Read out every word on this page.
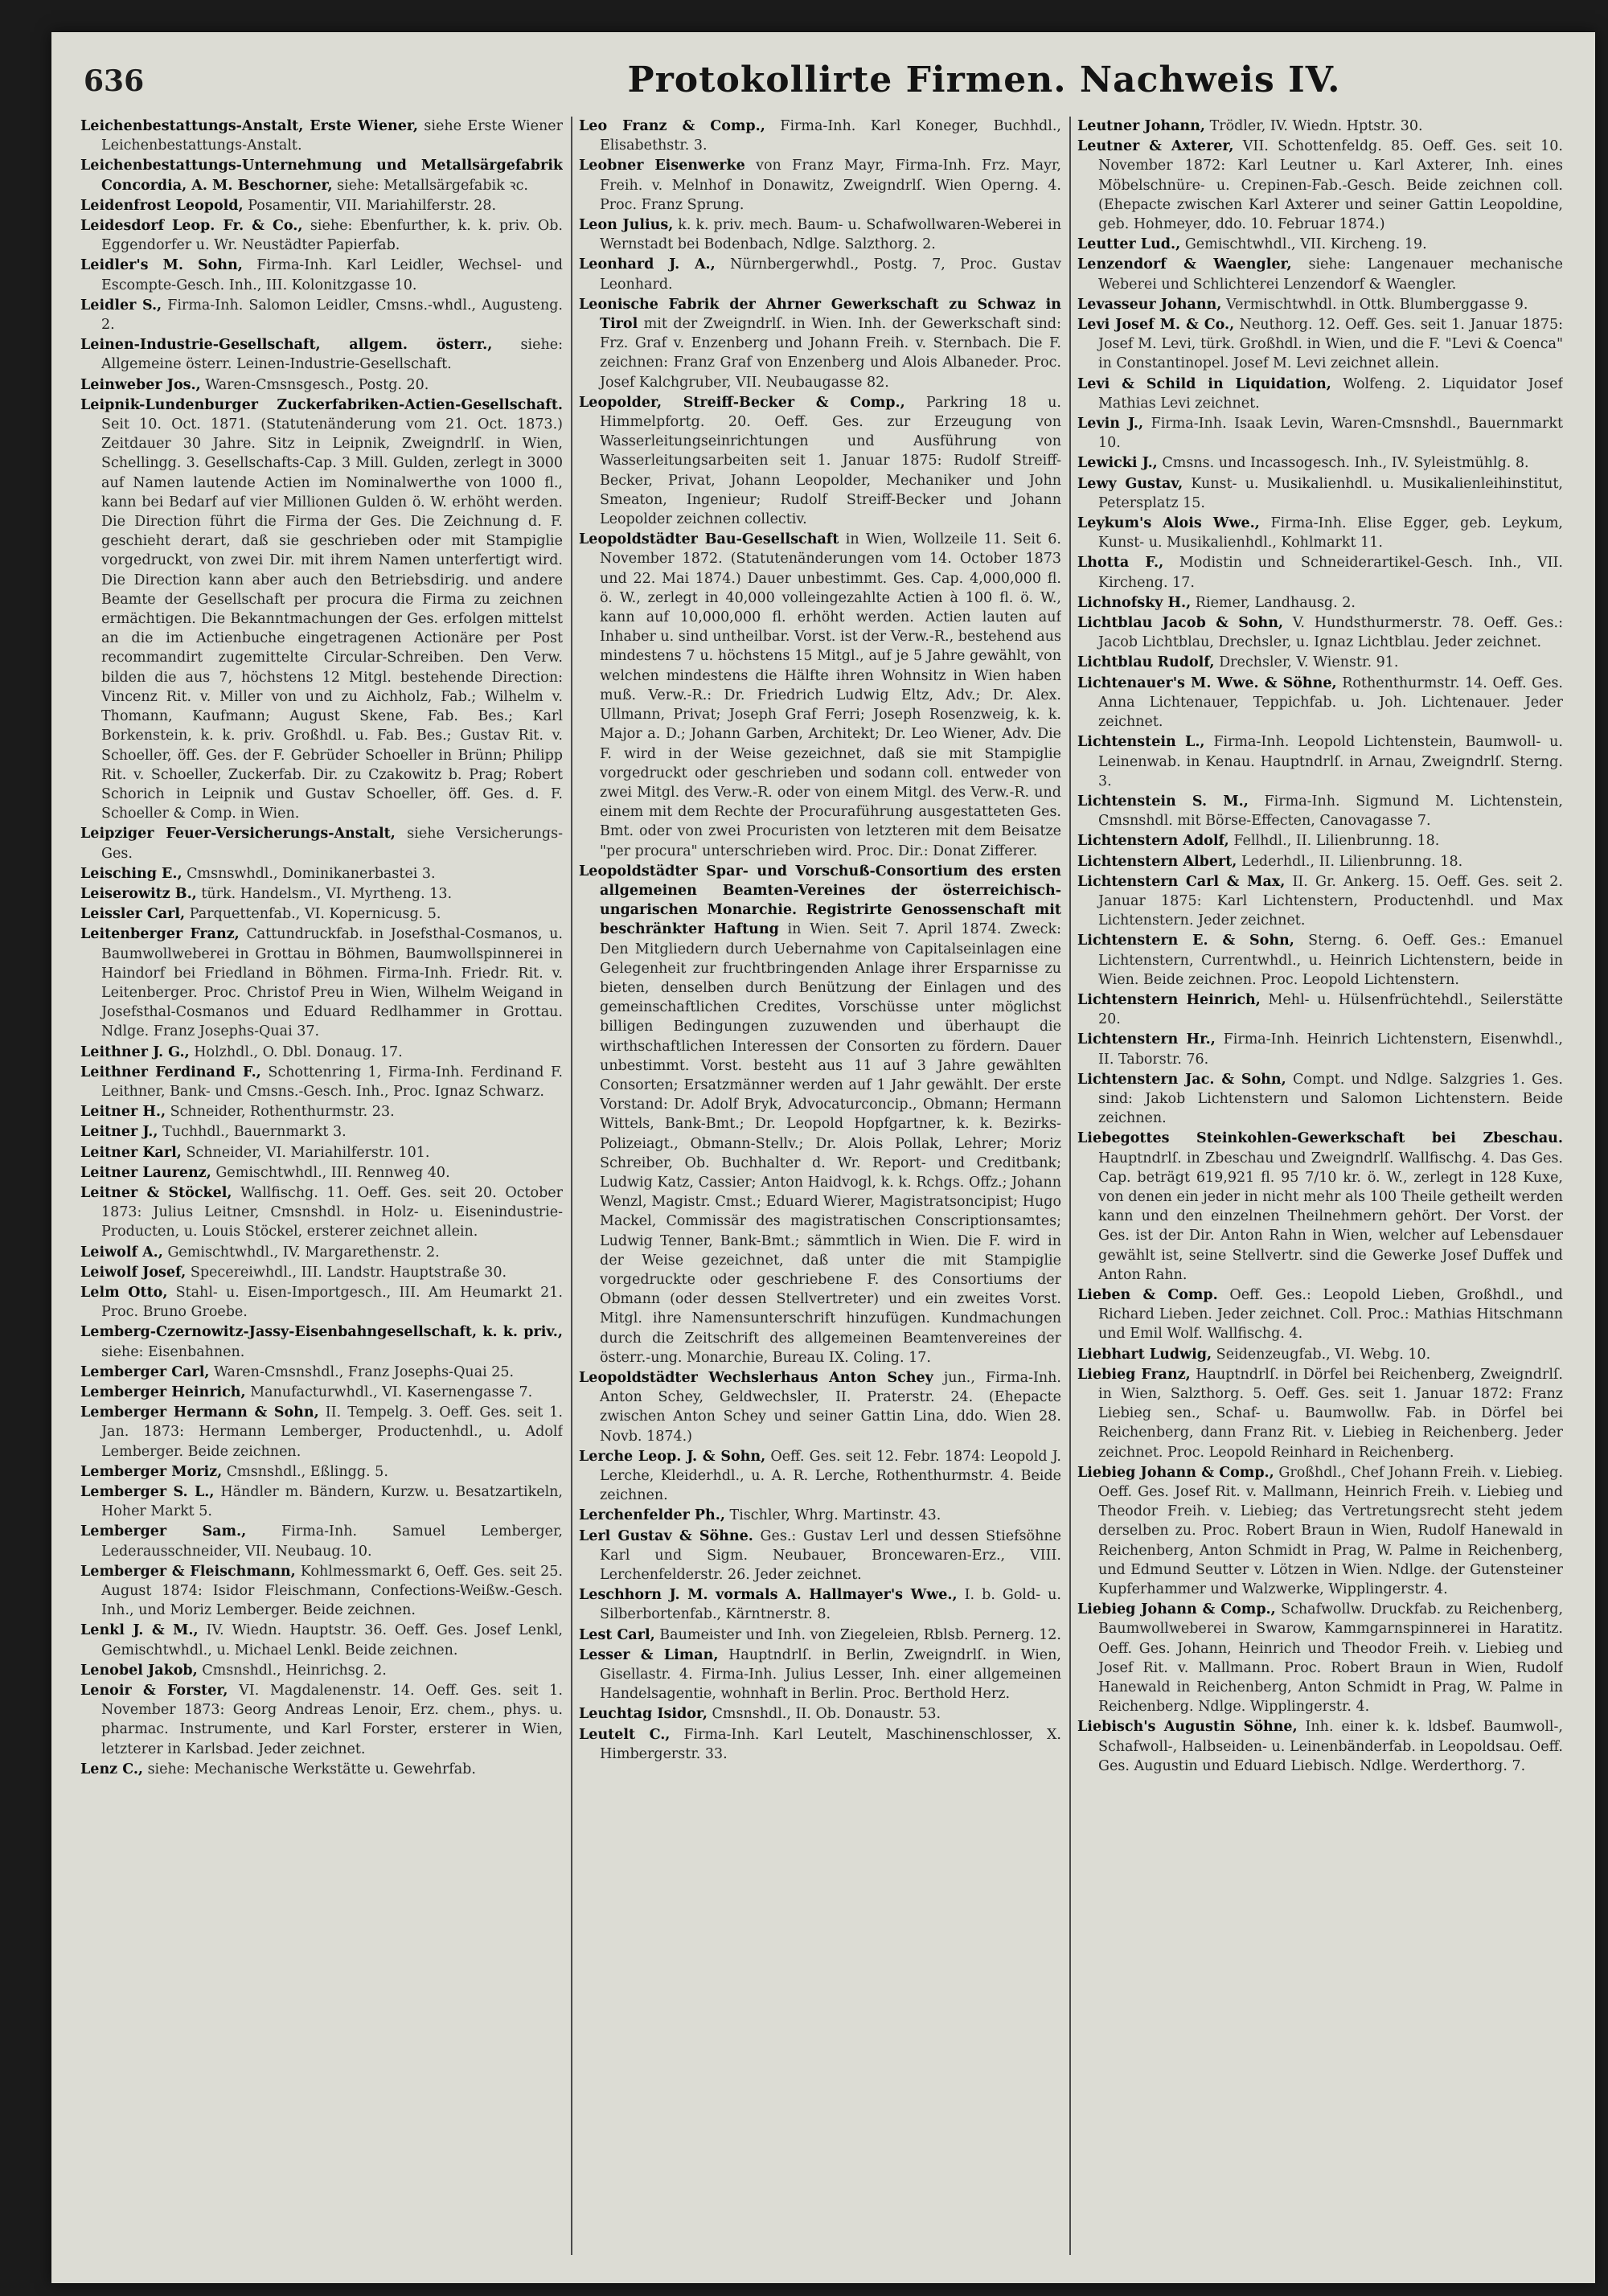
636	Protokollirte Firmen. Nachweis IV.

Leichenbestattungs-Anstalt, Erste Wiener, siehe Erste Wiener Leichenbestattungs-Anstalt.

Leichenbestattungs-Unternehmung und Metallsärgefabrik Concordia, A. M. Beschorner, siehe: Metallsärgefabik ꝛc.

Leidenfrost Leopold, Posamentir, VII. Mariahilferstr. 28.

Leidesdorf Leop. Fr. & Co., siehe: Ebenfurther, k. k. priv. Ob. Eggendorfer u. Wr. Neustädter Papierfab.

Leidler's M. Sohn, Firma-Inh. Karl Leidler, Wechsel- und Escompte-Gesch. Inh., III. Kolonitzgasse 10.

Leidler S., Firma-Inh. Salomon Leidler, Cmsns.-whdl., Augusteng. 2.

Leinen-Industrie-Gesellschaft, allgem. österr., siehe: Allgemeine österr. Leinen-Industrie-Gesellschaft.

Leinweber Jos., Waren-Cmsnsgesch., Postg. 20.

Leipnik-Lundenburger Zuckerfabriken-Actien-Gesellschaft. Seit 10. Oct. 1871. (Statutenänderung vom 21. Oct. 1873.) Zeitdauer 30 Jahre. Sitz in Leipnik, Zweigndrlſ. in Wien, Schellingg. 3. Gesellschafts-Cap. 3 Mill. Gulden, zerlegt in 3000 auf Namen lautende Actien im Nominalwerthe von 1000 fl., kann bei Bedarf auf vier Millionen Gulden ö. W. erhöht werden. Die Direction führt die Firma der Ges. Die Zeichnung d. F. geschieht derart, daß sie geschrieben oder mit Stampiglie vorgedruckt, von zwei Dir. mit ihrem Namen unterfertigt wird. Die Direction kann aber auch den Betriebsdirig. und andere Beamte der Gesellschaft per procura die Firma zu zeichnen ermächtigen. Die Bekanntmachungen der Ges. erfolgen mittelst an die im Actienbuche eingetragenen Actionäre per Post recommandirt zugemittelte Circular-Schreiben. Den Verw. bilden die aus 7, höchstens 12 Mitgl. bestehende Direction: Vincenz Rit. v. Miller von und zu Aichholz, Fab.; Wilhelm v. Thomann, Kaufmann; August Skene, Fab. Bes.; Karl Borkenstein, k. k. priv. Großhdl. u. Fab. Bes.; Gustav Rit. v. Schoeller, öff. Ges. der F. Gebrüder Schoeller in Brünn; Philipp Rit. v. Schoeller, Zuckerfab. Dir. zu Czakowitz b. Prag; Robert Schorich in Leipnik und Gustav Schoeller, öff. Ges. d. F. Schoeller & Comp. in Wien.

Leipziger Feuer-Versicherungs-Anstalt, siehe Versicherungs-Ges.

Leisching E., Cmsnswhdl., Dominikanerbastei 3.

Leiserowitz B., türk. Handelsm., VI. Myrtheng. 13.

Leissler Carl, Parquettenfab., VI. Kopernicusg. 5.

Leitenberger Franz, Cattundruckfab. in Josefsthal-Cosmanos, u. Baumwollweberei in Grottau in Böhmen, Baumwollspinnerei in Haindorf bei Friedland in Böhmen. Firma-Inh. Friedr. Rit. v. Leitenberger. Proc. Christof Preu in Wien, Wilhelm Weigand in Josefsthal-Cosmanos und Eduard Redlhammer in Grottau. Ndlge. Franz Josephs-Quai 37.

Leithner J. G., Holzhdl., O. Dbl. Donaug. 17.

Leithner Ferdinand F., Schottenring 1, Firma-Inh. Ferdinand F. Leithner, Bank- und Cmsns.-Gesch. Inh., Proc. Ignaz Schwarz.

Leitner H., Schneider, Rothenthurmstr. 23.

Leitner J., Tuchhdl., Bauernmarkt 3.

Leitner Karl, Schneider, VI. Mariahilferstr. 101.

Leitner Laurenz, Gemischtwhdl., III. Rennweg 40.

Leitner & Stöckel, Wallfischg. 11. Oeff. Ges. seit 20. October 1873: Julius Leitner, Cmsnshdl. in Holz- u. Eisenindustrie-Producten, u. Louis Stöckel, ersterer zeichnet allein.

Leiwolf A., Gemischtwhdl., IV. Margarethenstr. 2.

Leiwolf Josef, Specereiwhdl., III. Landstr. Hauptstraße 30.

Lelm Otto, Stahl- u. Eisen-Importgesch., III. Am Heumarkt 21. Proc. Bruno Groebe.

Lemberg-Czernowitz-Jassy-Eisenbahngesellschaft, k. k. priv., siehe: Eisenbahnen.

Lemberger Carl, Waren-Cmsnshdl., Franz Josephs-Quai 25.

Lemberger Heinrich, Manufacturwhdl., VI. Kasernengasse 7.

Lemberger Hermann & Sohn, II. Tempelg. 3. Oeff. Ges. seit 1. Jan. 1873: Hermann Lemberger, Productenhdl., u. Adolf Lemberger. Beide zeichnen.

Lemberger Moriz, Cmsnshdl., Eßlingg. 5.

Lemberger S. L., Händler m. Bändern, Kurzw. u. Besatzartikeln, Hoher Markt 5.

Lemberger Sam.,	Firma-Inh. Samuel Lemberger, Lederausschneider, VII. Neubaug. 10.

Lemberger & Fleischmann, Kohlmessmarkt 6, Oeff. Ges. seit 25. August 1874: Isidor Fleischmann, Confections-Weißw.-Gesch. Inh., und Moriz Lemberger. Beide zeichnen.

Lenkl J. & M., IV. Wiedn. Hauptstr. 36. Oeff. Ges. Josef Lenkl, Gemischtwhdl., u. Michael Lenkl. Beide zeichnen.

Lenobel Jakob, Cmsnshdl., Heinrichsg. 2.

Lenoir & Forster, VI. Magdalenenstr. 14. Oeff. Ges. seit 1. November 1873: Georg Andreas Lenoir, Erz. chem., phys. u. pharmac. Instrumente, und Karl Forster, ersterer in Wien, letzterer in Karlsbad. Jeder zeichnet.

Lenz C., siehe: Mechanische Werkstätte u. Gewehrfab.

Leo Franz & Comp., Firma-Inh. Karl Koneger, Buchhdl., Elisabethstr. 3.

Leobner Eisenwerke von Franz Mayr, Firma-Inh. Frz. Mayr, Freih. v. Melnhof in Donawitz, Zweigndrlſ. Wien Operng. 4. Proc. Franz Sprung.

Leon Julius, k. k. priv. mech. Baum- u. Schafwollwaren-Weberei in Wernstadt bei Bodenbach, Ndlge. Salzthorg. 2.

Leonhard J. A., Nürnbergerwhdl., Postg. 7, Proc. Gustav Leonhard.

Leonische Fabrik der Ahrner Gewerkschaft zu Schwaz in Tirol mit der Zweigndrlſ. in Wien. Inh. der Gewerkschaft sind: Frz. Graf v. Enzenberg und Johann Freih. v. Sternbach. Die F. zeichnen: Franz Graf von Enzenberg und Alois Albaneder. Proc. Josef Kalchgruber, VII. Neubaugasse 82.

Leopolder, Streiff-Becker & Comp., Parkring 18 u. Himmelpfortg. 20. Oeff. Ges. zur Erzeugung von Wasserleitungseinrichtungen und Ausführung von Wasserleitungsarbeiten seit 1. Januar 1875: Rudolf Streiff-Becker, Privat, Johann Leopolder, Mechaniker und John Smeaton, Ingenieur; Rudolf Streiff-Becker und Johann Leopolder zeichnen collectiv.

Leopoldstädter Bau-Gesellschaft in Wien, Wollzeile 11. Seit 6. November 1872. (Statutenänderungen vom 14. October 1873 und 22. Mai 1874.) Dauer unbestimmt. Ges. Cap. 4,000,000 fl. ö. W., zerlegt in 40,000 volleingezahlte Actien à 100 fl. ö. W., kann auf 10,000,000 fl. erhöht werden. Actien lauten auf Inhaber u. sind untheilbar. Vorst. ist der Verw.-R., bestehend aus mindestens 7 u. höchstens 15 Mitgl., auf je 5 Jahre gewählt, von welchen mindestens die Hälfte ihren Wohnsitz in Wien haben muß. Verw.-R.: Dr. Friedrich Ludwig Eltz, Adv.; Dr. Alex. Ullmann, Privat; Joseph Graf Ferri; Joseph Rosenzweig, k. k. Major a. D.; Johann Garben, Architekt; Dr. Leo Wiener, Adv. Die F. wird in der Weise gezeichnet, daß sie mit Stampiglie vorgedruckt oder geschrieben und sodann coll. entweder von zwei Mitgl. des Verw.-R. oder von einem Mitgl. des Verw.-R. und einem mit dem Rechte der Procuraführung ausgestatteten Ges. Bmt. oder von zwei Procuristen von letzteren mit dem Beisatze "per procura" unterschrieben wird. Proc. Dir.: Donat Zifferer.

Leopoldstädter Spar- und Vorschuß-Consortium des ersten allgemeinen Beamten-Vereines der österreichisch-ungarischen Monarchie. Registrirte Genossenschaft mit beschränkter Haftung in Wien. Seit 7. April 1874. Zweck: Den Mitgliedern durch Uebernahme von Capitalseinlagen eine Gelegenheit zur fruchtbringenden Anlage ihrer Ersparnisse zu bieten, denselben durch Benützung der Einlagen und des gemeinschaftlichen Credites, Vorschüsse unter möglichst billigen Bedingungen zuzuwenden und überhaupt die wirthschaftlichen Interessen der Consorten zu fördern. Dauer unbestimmt. Vorst. besteht aus 11 auf 3 Jahre gewählten Consorten; Ersatzmänner werden auf 1 Jahr gewählt. Der erste Vorstand: Dr. Adolf Bryk, Advocaturconcip., Obmann; Hermann Wittels, Bank-Bmt.; Dr. Leopold Hopfgartner, k. k. Bezirks-Polizeiagt., Obmann-Stellv.; Dr. Alois Pollak, Lehrer; Moriz Schreiber, Ob. Buchhalter d. Wr. Report- und Creditbank; Ludwig Katz, Cassier; Anton Haidvogl, k. k. Rchgs. Offz.; Johann Wenzl, Magistr. Cmst.; Eduard Wierer, Magistratsoncipist; Hugo Mackel, Commissär des magistratischen Conscriptionsamtes; Ludwig Tenner, Bank-Bmt.; sämmtlich in Wien. Die F. wird in der Weise gezeichnet, daß unter die mit Stampiglie vorgedruckte oder geschriebene F. des Consortiums der Obmann (oder dessen Stellvertreter) und ein zweites Vorst. Mitgl. ihre Namensunterschrift hinzufügen. Kundmachungen durch die Zeitschrift des allgemeinen Beamtenvereines der österr.-ung. Monarchie, Bureau IX. Coling. 17.

Leopoldstädter Wechslerhaus Anton Schey jun., Firma-Inh. Anton Schey, Geldwechsler, II. Praterstr. 24. (Ehepacte zwischen Anton Schey und seiner Gattin Lina, ddo. Wien 28. Novb. 1874.)

Lerche Leop. J. & Sohn, Oeff. Ges. seit 12. Febr. 1874: Leopold J. Lerche, Kleiderhdl., u. A. R. Lerche, Rothenthurmstr. 4. Beide zeichnen.

Lerchenfelder Ph., Tischler, Whrg. Martinstr. 43.

Lerl Gustav & Söhne. Ges.: Gustav Lerl und dessen Stiefsöhne Karl und Sigm. Neubauer, Broncewaren-Erz., VIII. Lerchenfelderstr. 26. Jeder zeichnet.

Leschhorn J. M. vormals A. Hallmayer's Wwe., I. b. Gold- u. Silberbortenfab., Kärntnerstr. 8.

Lest Carl, Baumeister und Inh. von Ziegeleien, Rblsb. Pernerg. 12.

Lesser & Liman, Hauptndrlſ. in Berlin, Zweigndrlſ. in Wien, Gisellastr. 4. Firma-Inh. Julius Lesser, Inh. einer allgemeinen Handelsagentie, wohnhaft in Berlin. Proc. Berthold Herz.

Leuchtag Isidor, Cmsnshdl., II. Ob. Donaustr. 53.

Leutelt C., Firma-Inh. Karl Leutelt, Maschinenschlosser, X. Himbergerstr. 33.

Leutner Johann, Trödler, IV. Wiedn. Hptstr. 30.

Leutner & Axterer, VII. Schottenfeldg. 85. Oeff. Ges. seit 10. November 1872: Karl Leutner u. Karl Axterer, Inh. eines Möbelschnüre- u. Crepinen-Fab.-Gesch. Beide zeichnen coll. (Ehepacte zwischen Karl Axterer und seiner Gattin Leopoldine, geb. Hohmeyer, ddo. 10. Februar 1874.)

Leutter Lud., Gemischtwhdl., VII. Kircheng. 19.

Lenzendorf & Waengler, siehe: Langenauer mechanische Weberei und Schlichterei Lenzendorf & Waengler.

Levasseur Johann, Vermischtwhdl. in Ottk. Blumberggasse 9.

Levi Josef M. & Co., Neuthorg. 12. Oeff. Ges. seit 1. Januar 1875: Josef M. Levi, türk. Großhdl. in Wien, und die F. "Levi & Coenca" in Constantinopel. Josef M. Levi zeichnet allein.

Levi & Schild in Liquidation, Wolfeng. 2. Liquidator Josef Mathias Levi zeichnet.

Levin J., Firma-Inh. Isaak Levin, Waren-Cmsnshdl., Bauernmarkt 10.

Lewicki J., Cmsns. und Incassogesch. Inh., IV. Syleistmühlg. 8.

Lewy Gustav, Kunst- u. Musikalienhdl. u. Musikalienleihinstitut, Petersplatz 15.

Leykum's Alois Wwe., Firma-Inh. Elise Egger, geb. Leykum, Kunst- u. Musikalienhdl., Kohlmarkt 11.

Lhotta F., Modistin und Schneiderartikel-Gesch. Inh., VII. Kircheng. 17.

Lichnofsky H., Riemer, Landhausg. 2.

Lichtblau Jacob & Sohn, V. Hundsthurmerstr. 78. Oeff. Ges.: Jacob Lichtblau, Drechsler, u. Ignaz Lichtblau. Jeder zeichnet.

Lichtblau Rudolf, Drechsler, V. Wienstr. 91.

Lichtenauer's M. Wwe. & Söhne, Rothenthurmstr. 14. Oeff. Ges. Anna Lichtenauer, Teppichfab. u. Joh. Lichtenauer. Jeder zeichnet.

Lichtenstein L., Firma-Inh. Leopold Lichtenstein, Baumwoll- u. Leinenwab. in Kenau. Hauptndrlſ. in Arnau, Zweigndrlſ. Sterng. 3.

Lichtenstein S. M., Firma-Inh. Sigmund M. Lichtenstein, Cmsnshdl. mit Börse-Effecten, Canovagasse 7.

Lichtenstern Adolf, Fellhdl., II. Lilienbrunng. 18.

Lichtenstern Albert, Lederhdl., II. Lilienbrunng. 18.

Lichtenstern Carl & Max, II. Gr. Ankerg. 15. Oeff. Ges. seit 2. Januar 1875: Karl Lichtenstern, Productenhdl. und Max Lichtenstern. Jeder zeichnet.

Lichtenstern E. & Sohn, Sterng. 6. Oeff. Ges.: Emanuel Lichtenstern, Currentwhdl., u. Heinrich Lichtenstern, beide in Wien. Beide zeichnen. Proc. Leopold Lichtenstern.

Lichtenstern Heinrich, Mehl- u. Hülsenfrüchtehdl., Seilerstätte 20.

Lichtenstern Hr., Firma-Inh. Heinrich Lichtenstern, Eisenwhdl., II. Taborstr. 76.

Lichtenstern Jac. & Sohn, Compt. und Ndlge. Salzgries 1. Ges. sind: Jakob Lichtenstern und Salomon Lichtenstern. Beide zeichnen.

Liebegottes Steinkohlen-Gewerkschaft bei Zbeschau. Hauptndrlſ. in Zbeschau und Zweigndrlſ. Wallfischg. 4. Das Ges. Cap. beträgt 619,921 fl. 95 7/10 kr. ö. W., zerlegt in 128 Kuxe, von denen ein jeder in nicht mehr als 100 Theile getheilt werden kann und den einzelnen Theilnehmern gehört. Der Vorst. der Ges. ist der Dir. Anton Rahn in Wien, welcher auf Lebensdauer gewählt ist, seine Stellvertr. sind die Gewerke Josef Duffek und Anton Rahn.

Lieben & Comp. Oeff. Ges.: Leopold Lieben, Großhdl., und Richard Lieben. Jeder zeichnet. Coll. Proc.: Mathias Hitschmann und Emil Wolf. Wallfischg. 4.

Liebhart Ludwig, Seidenzeugfab., VI. Webg. 10.

Liebieg Franz, Hauptndrlſ. in Dörfel bei Reichenberg, Zweigndrlſ. in Wien, Salzthorg. 5. Oeff. Ges. seit 1. Januar 1872: Franz Liebieg sen., Schaf- u. Baumwollw. Fab. in Dörfel bei Reichenberg, dann Franz Rit. v. Liebieg in Reichenberg. Jeder zeichnet. Proc. Leopold Reinhard in Reichenberg.

Liebieg Johann & Comp., Großhdl., Chef Johann Freih. v. Liebieg. Oeff. Ges. Josef Rit. v. Mallmann, Heinrich Freih. v. Liebieg und Theodor Freih. v. Liebieg; das Vertretungsrecht steht jedem derselben zu. Proc. Robert Braun in Wien, Rudolf Hanewald in Reichenberg, Anton Schmidt in Prag, W. Palme in Reichenberg, und Edmund Seutter v. Lötzen in Wien. Ndlge. der Gutensteiner Kupferhammer und Walzwerke, Wipplingerstr. 4.

Liebieg Johann & Comp., Schafwollw. Druckfab. zu Reichenberg, Baumwollweberei in Swarow, Kammgarnspinnerei in Haratitz. Oeff. Ges. Johann, Heinrich und Theodor Freih. v. Liebieg und Josef Rit. v. Mallmann. Proc. Robert Braun in Wien, Rudolf Hanewald in Reichenberg, Anton Schmidt in Prag, W. Palme in Reichenberg. Ndlge. Wipplingerstr. 4.

Liebisch's Augustin Söhne, Inh. einer k. k. ldsbef. Baumwoll-, Schafwoll-, Halbseiden- u. Leinenbänderfab. in Leopoldsau. Oeff. Ges. Augustin und Eduard Liebisch. Ndlge. Werderthorg. 7.
